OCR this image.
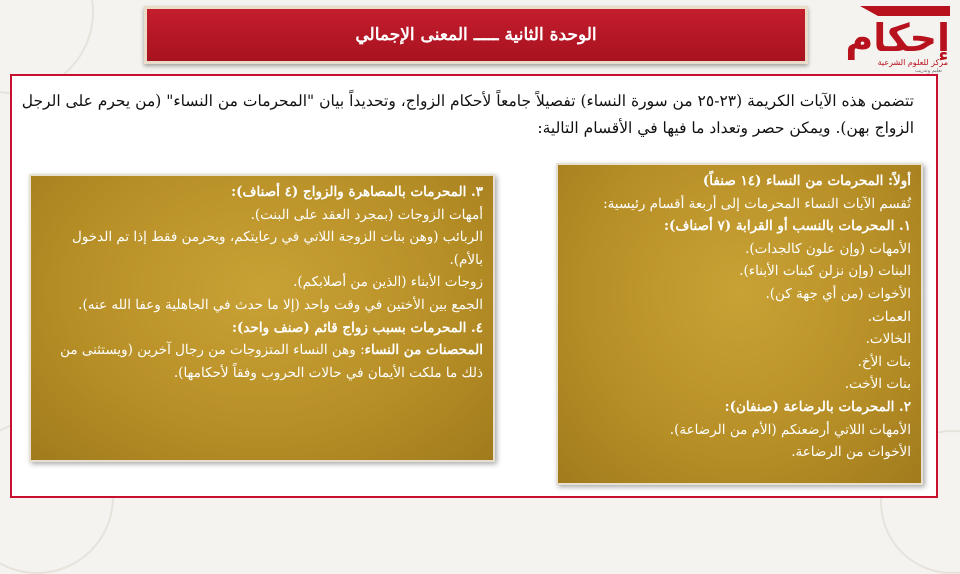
الوحدة الثانية ـــــ المعنى الإجمالي	إحكام
مركز للعلوم الشرعية
تعليم وتدريب
تتضمن هذه الآيات الكريمة (٢٣-٢٥ من سورة النساء) تفصيلاً جامعاً لأحكام الزواج، وتحديداً بيان "المحرمات من النساء" (من يحرم على الرجل الزواج بهن). ويمكن حصر وتعداد ما فيها في الأقسام التالية:

أولاً: المحرمات من النساء (١٤ صنفاً)

تُقسم الآيات النساء المحرمات إلى أربعة أقسام رئيسية:

١. المحرمات بالنسب أو القرابة (٧ أصناف):

الأمهات (وإن علون كالجدات).

البنات (وإن نزلن كبنات الأبناء).

الأخوات (من أي جهة كن).

العمات.

الخالات.

بنات الأخ.

بنات الأخت.

٢. المحرمات بالرضاعة (صنفان):

الأمهات اللاتي أرضعنكم (الأم من الرضاعة).

الأخوات من الرضاعة.

٣. المحرمات بالمصاهرة والزواج (٤ أصناف):

أمهات الزوجات (بمجرد العقد على البنت).

الربائب (وهن بنات الزوجة اللاتي في رعايتكم، ويحرمن فقط إذا تم الدخول بالأم).

زوجات الأبناء (الذين من أصلابكم).

الجمع بين الأختين في وقت واحد (إلا ما حدث في الجاهلية وعفا الله عنه).

٤. المحرمات بسبب زواج قائم (صنف واحد):

المحصنات من النساء: وهن النساء المتزوجات من رجال آخرين (ويستثنى من ذلك ما ملكت الأيمان في حالات الحروب وفقاً لأحكامها).
